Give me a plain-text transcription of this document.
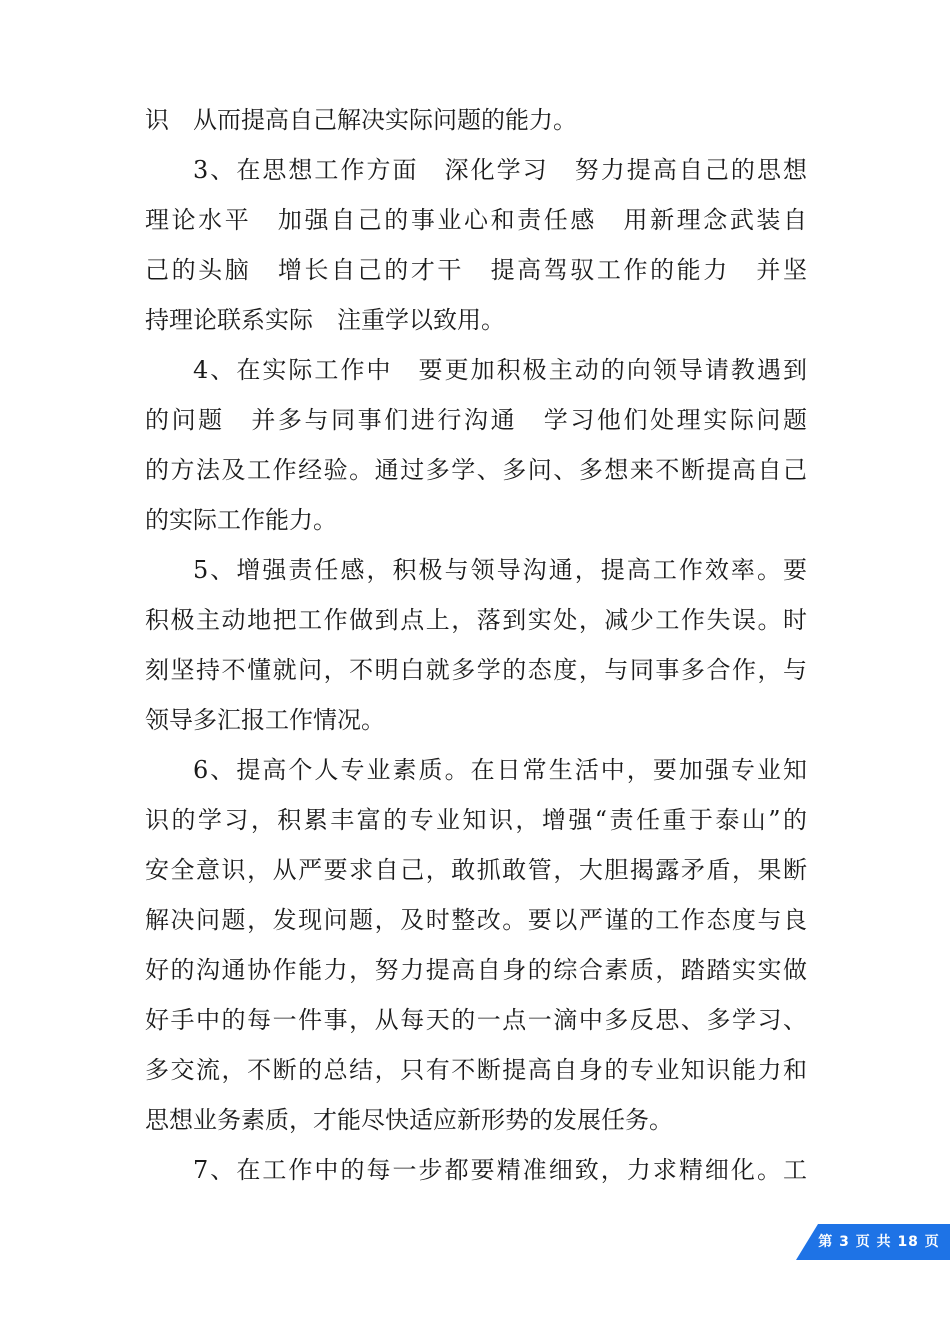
识　从而提高自己解决实际问题的能力。
3、在思想工作方面　深化学习　努力提高自己的思想
理论水平　加强自己的事业心和责任感　用新理念武装自
己的头脑　增长自己的才干　提高驾驭工作的能力　并坚
持理论联系实际　注重学以致用。
4、在实际工作中　要更加积极主动的向领导请教遇到
的问题　并多与同事们进行沟通　学习他们处理实际问题
的方法及工作经验。通过多学、多问、多想来不断提高自己
的实际工作能力。
5、增强责任感，积极与领导沟通，提高工作效率。要
积极主动地把工作做到点上，落到实处，减少工作失误。时
刻坚持不懂就问，不明白就多学的态度，与同事多合作，与
领导多汇报工作情况。
6、提高个人专业素质。在日常生活中，要加强专业知
识的学习，积累丰富的专业知识，增强“责任重于泰山”的
安全意识，从严要求自己，敢抓敢管，大胆揭露矛盾，果断
解决问题，发现问题，及时整改。要以严谨的工作态度与良
好的沟通协作能力，努力提高自身的综合素质，踏踏实实做
好手中的每一件事，从每天的一点一滴中多反思、多学习、
多交流，不断的总结，只有不断提高自身的专业知识能力和
思想业务素质，才能尽快适应新形势的发展任务。
7、在工作中的每一步都要精准细致，力求精细化。工
第 3 页 共 18 页
